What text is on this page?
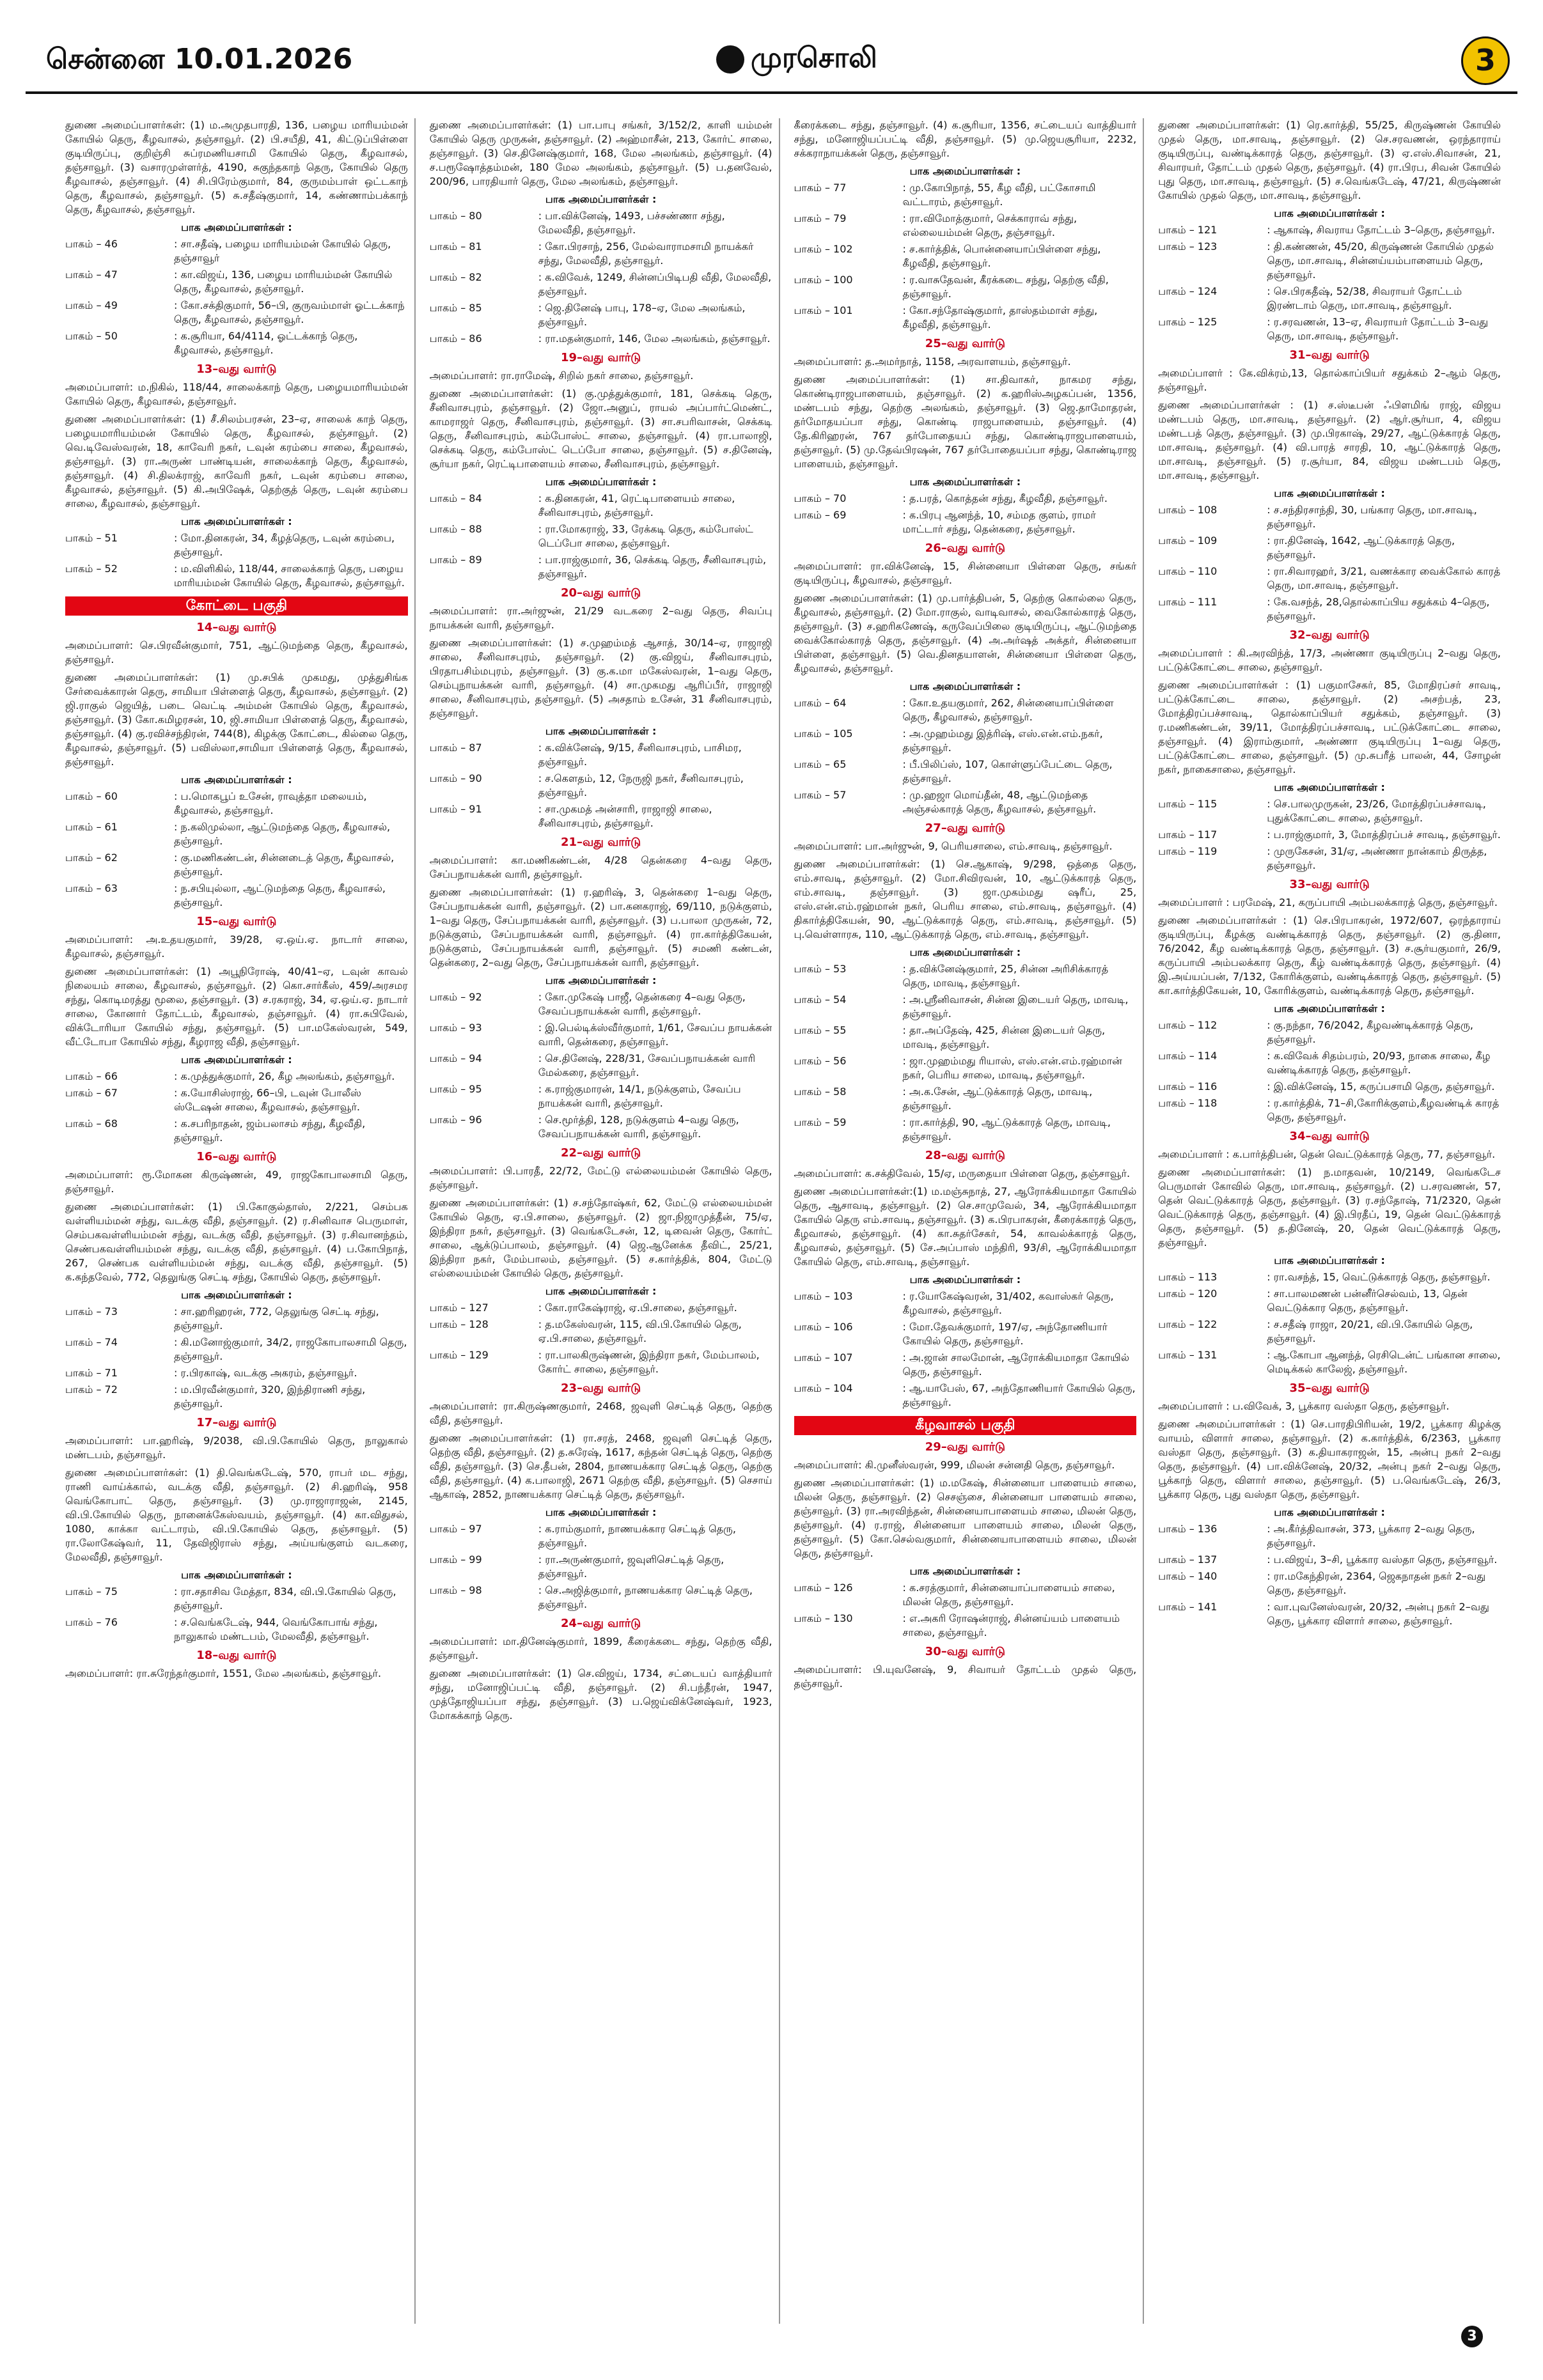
சென்னை 10.01.2026	முரசொலி	3

துணை அமைப்பாளர்கள்: (1) ம.அமுதபாரதி, 136, பழைய மாரியம்மன் கோயில் தெரு, கீழவாசல், தஞ்சாவூர். (2) பி.சயீதி, 41, கிட்டுப்பிள்ளை குடியிருப்பு, குறிஞ்சி சுப்ரமணியசாமி கோயில் தெரு, கீழவாசல், தஞ்சாவூர். (3) வசாரமுள்ளர்த், 4190, சுகுந்தகாந் தெரு, கோயில் தெரு கீழவாசல், தஞ்சாவூர். (4) சி.பிரேம்குமார், 84, குருமம்பாள் ஒட்டகாந் தெரு, கீழவாசல், தஞ்சாவூர். (5) சு.சதீஷ்குமார், 14, கண்ணாம்பக்காந் தெரு, கீழவாசல், தஞ்சாவூர்.

பாக அமைப்பாளர்கள் :
பாகம் – 46	: சா.சதீஷ், பழைய மாரியம்மன் கோயில் தெரு, தஞ்சாவூர்
பாகம் – 47	: கா.விஜய், 136, பழைய மாரியம்மன் கோயில் தெரு, கீழவாசல், தஞ்சாவூர்.
பாகம் – 49	: கோ.சக்திகுமார், 56–பி, குருவம்மாள் ஓட்டக்காந் தெரு, கீழவாசல், தஞ்சாவூர்.
பாகம் – 50	: க.சூரியா, 64/4114, ஓட்டக்காந் தெரு, கீழவாசல், தஞ்சாவூர்.
13–வது வார்டு

அமைப்பாளர்: ம.நிகில், 118/44, சாலைக்காந் தெரு, பழையமாரியம்மன் கோயில் தெரு, கீழவாசல், தஞ்சாவூர்.

துணை அமைப்பாளர்கள்: (1) சீ.சிலம்பரசன், 23–ஏ, சாலைக் காந் தெரு, பழையமாரியம்மன் கோயில் தெரு, கீழவாசல், தஞ்சாவூர். (2) வெ.டிவேஸ்வரன், 18, காவேரி நகர், டவுன் கரம்பை சாலை, கீழவாசல், தஞ்சாவூர். (3) ரா.அருண் பாண்டியன், சாலைக்காந் தெரு, கீழவாசல், தஞ்சாவூர். (4) சி.திலக்ராஜ், காவேரி நகர், டவுன் கரம்பை சாலை, கீழவாசல், தஞ்சாவூர். (5) கி.அபிஷேக், தெற்குத் தெரு, டவுன் கரம்பை சாலை, கீழவாசல், தஞ்சாவூர்.

பாக அமைப்பாளர்கள் :
பாகம் – 51	: மோ.தினகரன், 34, கீழத்தெரு, டவுன் கரம்பை, தஞ்சாவூர்.
பாகம் – 52	: ம.விளிகில், 118/44, சாலைக்காந் தெரு, பழைய மாரியம்மன் கோயில் தெரு, கீழவாசல், தஞ்சாவூர்.
கோட்டை பகுதி
14–வது வார்டு

அமைப்பாளர்: செ.பிரவீன்குமார், 751, ஆட்டுமந்தை தெரு, கீழவாசல், தஞ்சாவூர்.

துணை அமைப்பாளர்கள்: (1) மு.சபிக் முகமது, முத்துசிங்க சேர்வைக்காரன் தெரு, சாமியா பிள்ளைத் தெரு, கீழவாசல், தஞ்சாவூர். (2) ஜி.ராகுல் ஜெயித், படை வெட்டி அம்மன் கோயில் தெரு, கீழவாசல், தஞ்சாவூர். (3) கோ.கமிழரசன், 10, ஜி.சாமியா பிள்ளைத் தெரு, கீழவாசல், தஞ்சாவூர். (4) கு.ரவிச்சந்திரன், 744(8), கிழக்கு கோட்டை, கில்லை தெரு, கீழவாசல், தஞ்சாவூர். (5) பவிஸ்லா,சாமியா பிள்ளைத் தெரு, கீழவாசல், தஞ்சாவூர்.

பாக அமைப்பாளர்கள் :
பாகம் – 60	: ப.மொகபூப் உசேன், ராவுத்தா மலையம், கீழவாசல், தஞ்சாவூர்.
பாகம் – 61	: ந.கலிமுல்லா, ஆட்டுமந்தை தெரு, கீழவாசல், தஞ்சாவூர்.
பாகம் – 62	: கு.மணிகண்டன், சின்னடைத் தெரு, கீழவாசல், தஞ்சாவூர்.
பாகம் – 63	: ந.சபியுல்லா, ஆட்டுமந்தை தெரு, கீழவாசல், தஞ்சாவூர்.
15–வது வார்டு

அமைப்பாளர்: அ.உதயகுமார், 39/28, ஏ.ஒய்.ஏ. நாடார் சாலை, கீழவாசல், தஞ்சாவூர்.

துணை அமைப்பாளர்கள்: (1) அபூநிரோஷ், 40/41–ஏ, டவுன் காவல் நிலையம் சாலை, கீழவாசல், தஞ்சாவூர். (2) கொ.சார்கீஸ், 459/அரசமர சந்து, கொடிமரத்து மூலை, தஞ்சாவூர். (3) ச.ரகராஜ், 34, ஏ.ஒய்.ஏ. நாடார் சாலை, கோனார் தோட்டம், கீழவாசல், தஞ்சாவூர். (4) ரா.சுபிவேல், விக்டோரியா கோயில் சந்து, தஞ்சாவூர். (5) பா.மகேஸ்வரன், 549, வீட்டோபா கோயில் சந்து, கீழராஜ வீதி, தஞ்சாவூர்.

பாக அமைப்பாளர்கள் :
பாகம் – 66	: க.முத்துக்குமார், 26, கீழ அலங்கம், தஞ்சாவூர்.
பாகம் – 67	: க.யோசிஸ்ராஜ், 66–பி, டவுன் போலீஸ் ஸ்டேஷன் சாலை, கீழவாசல், தஞ்சாவூர்.
பாகம் – 68	: க.சபரிநாதன், ஜம்பலாசம் சந்து, கீழவீதி, தஞ்சாவூர்.
16–வது வார்டு

அமைப்பாளர்: ரூ.மோகன கிருஷ்ணன், 49, ராஜகோபாலசாமி தெரு, தஞ்சாவூர்.

துணை அமைப்பாளர்கள்: (1) பி.கோகுல்தாஸ், 2/221, செம்பக வள்ளியம்மன் சந்து, வடக்கு வீதி, தஞ்சாவூர். (2) ர.சினிவாச பெருமாள், செம்பகவள்ளியம்மன் சந்து, வடக்கு வீதி, தஞ்சாவூர். (3) ர.சிவானந்தம், செண்பகவள்ளியம்மன் சந்து, வடக்கு வீதி, தஞ்சாவூர். (4) ப.கோபிநாத், 267, செண்பக வள்ளியம்மன் சந்து, வடக்கு வீதி, தஞ்சாவூர். (5) க.கந்தவேல், 772, தெலுங்கு செட்டி சந்து, கோயில் தெரு, தஞ்சாவூர்.

பாக அமைப்பாளர்கள் :
பாகம் – 73	: சா.ஹரிஹரன், 772, தெலுங்கு செட்டி சந்து, தஞ்சாவூர்.
பாகம் – 74	: கி.மனோஜ்குமார், 34/2, ராஜகோபாலசாமி தெரு, தஞ்சாவூர்.
பாகம் – 71	: ர.பிரகாஷ், வடக்கு அகரம், தஞ்சாவூர்.
பாகம் – 72	: ம.பிரவீன்குமார், 320, இந்திராணி சந்து, தஞ்சாவூர்.
17–வது வார்டு

அமைப்பாளர்: பா.ஹரிஷ், 9/2038, வி.பி.கோயில் தெரு, நாலுகால் மண்டபம், தஞ்சாவூர்.

துணை அமைப்பாளர்கள்: (1) தி.வெங்கடேஷ், 570, ராபர் மட சந்து, ராணி வாய்க்கால், வடக்கு வீதி, தஞ்சாவூர். (2) சி.ஹரிஷ், 958 வெங்கோபாட் தெரு, தஞ்சாவூர். (3) மு.ராஜாராஜன், 2145, வி.பி.கோயில் தெரு, நானைக்கேஸ்வயம், தஞ்சாவூர். (4) கா.விதுசல், 1080, காக்கா வட்டாரம், வி.பி.கோயில் தெரு, தஞ்சாவூர். (5) ரா.லோகேஷ்வர், 11, தேவிஜிராஸ் சந்து, அய்யங்குளம் வடகரை, மேலவீதி, தஞ்சாவூர்.

பாக அமைப்பாளர்கள் :
பாகம் – 75	: ரா.சதாசிவ மேத்தா, 834, வி.பி.கோயில் தெரு, தஞ்சாவூர்.
பாகம் – 76	: ச.வெங்கடேஷ், 944, வெங்கோபாங் சந்து, நாலுகால் மண்டபம், மேலவீதி, தஞ்சாவூர்.
18–வது வார்டு

அமைப்பாளர்: ரா.சுரேந்தர்குமார், 1551, மேல அலங்கம், தஞ்சாவூர்.

துணை அமைப்பாளர்கள்: (1) பா.பாபு சங்கர், 3/152/2, காளி யம்மன் கோயில் தெரு முருகன், தஞ்சாவூர். (2) அஹ்மாசீன், 213, கோர்ட் சாலை, தஞ்சாவூர். (3) செ.தினேஷ்குமார், 168, மேல அலங்கம், தஞ்சாவூர். (4) ச.பரூஷோத்தம்மன், 180 மேல அலங்கம், தஞ்சாவூர். (5) ப.தனவேல், 200/96, பாரதியார் தெரு, மேல அலங்கம், தஞ்சாவூர்.

பாக அமைப்பாளர்கள் :
பாகம் – 80	: பா.விக்னேஷ், 1493, பச்சண்ணா சந்து, மேலவீதி, தஞ்சாவூர்.
பாகம் – 81	: கோ.பிரசாந், 256, மேல்வாராமசாமி நாயக்கர் சந்து, மேலவீதி, தஞ்சாவூர்.
பாகம் – 82	: க.விவேக், 1249, சின்னப்பிடிபதி வீதி, மேலவீதி, தஞ்சாவூர்.
பாகம் – 85	: ஜெ.தினேஷ் பாபு, 178–ஏ, மேல அலங்கம், தஞ்சாவூர்.
பாகம் – 86	: ரா.மதன்குமார், 146, மேல அலங்கம், தஞ்சாவூர்.
19–வது வார்டு

அமைப்பாளர்: ரா.ராமேஷ், சிறில் நகர் சாலை, தஞ்சாவூர்.

துணை அமைப்பாளர்கள்: (1) கு.முத்துக்குமார், 181, செக்கடி தெரு, சீனிவாசபுரம், தஞ்சாவூர். (2) ஜோ.அனுப், ராயல் அப்பார்ட்மெண்ட், காமராஜர் தெரு, சீனிவாசபுரம், தஞ்சாவூர். (3) சா.சபரிவாசன், செக்கடி தெரு, சீனிவாசபுரம், கம்போஸ்ட் சாலை, தஞ்சாவூர். (4) ரா.பாலாஜி, செக்கடி தெரு, கம்போஸ்ட் டெப்போ சாலை, தஞ்சாவூர். (5) ச.தினேஷ், சூர்யா நகர், ரெட்டிபாளையம் சாலை, சீனிவாசபுரம், தஞ்சாவூர்.

பாக அமைப்பாளர்கள் :
பாகம் – 84	: க.தினகரன், 41, ரெட்டிபாளையம் சாலை, சீனிவாசபுரம், தஞ்சாவூர்.
பாகம் – 88	: ரா.மோகராஜ், 33, ரேக்கடி தெரு, கம்போஸ்ட் டெப்போ சாலை, தஞ்சாவூர்.
பாகம் – 89	: பா.ராஜ்குமார், 36, செக்கடி தெரு, சீனிவாசபுரம், தஞ்சாவூர்.
20–வது வார்டு

அமைப்பாளர்: ரா.அர்ஜுன், 21/29 வடகரை 2–வது தெரு, சிவப்பு நாயக்கன் வாரி, தஞ்சாவூர்.

துணை அமைப்பாளர்கள்: (1) ச.முஹம்மத் ஆசாத், 30/14–ஏ, ராஜாஜி சாலை, சீனிவாசபுரம், தஞ்சாவூர். (2) கு.விஜய், சீனிவாசபுரம், பிரதாபசிம்மபுரம், தஞ்சாவூர். (3) கு.க.மா மகேஸ்வரன், 1–வது தெரு, செம்புநாயக்கன் வாரி, தஞ்சாவூர். (4) சா.முகமது ஆரிப்பீர், ராஜாஜி சாலை, சீனிவாசபுரம், தஞ்சாவூர். (5) அசதாம் உசேன், 31 சீனிவாசபுரம், தஞ்சாவூர்.

பாக அமைப்பாளர்கள் :
பாகம் – 87	: க.விக்னேஷ், 9/15, சீனிவாசபுரம், பாசிமர, தஞ்சாவூர்.
பாகம் – 90	: ச.கௌதம், 12, நேருஜி நகர், சீனிவாசபுரம், தஞ்சாவூர்.
பாகம் – 91	: சா.முகமத் அன்சாரி, ராஜாஜி சாலை, சீனிவாசபுரம், தஞ்சாவூர்.
21–வது வார்டு

அமைப்பாளர்: கா.மணிகண்டன், 4/28 தென்கரை 4–வது தெரு, சேப்பநாயக்கன் வாரி, தஞ்சாவூர்.

துணை அமைப்பாளர்கள்: (1) ர.ஹரிஷ், 3, தென்கரை 1–வது தெரு, சேப்பநாயக்கன் வாரி, தஞ்சாவூர். (2) பா.கனகராஜ், 69/110, நடுக்குளம், 1–வது தெரு, சேப்பநாயக்கன் வாரி, தஞ்சாவூர். (3) ப.பாலா முருகன், 72, நடுக்குளம், சேப்பநாயக்கன் வாரி, தஞ்சாவூர். (4) ரா.கார்த்திகேயன், நடுக்குளம், சேப்பநாயக்கன் வாரி, தஞ்சாவூர். (5) சமணி கண்டன், தென்கரை, 2–வது தெரு, சேப்பநாயக்கன் வாரி, தஞ்சாவூர்.

பாக அமைப்பாளர்கள் :
பாகம் – 92	: கோ.முகேஷ் பாஜீ, தென்கரை 4–வது தெரு, சேவப்பநாயக்கன் வாரி, தஞ்சாவூர்.
பாகம் – 93	: இ.பெல்டிக்ஸ்வீர்குமார், 1/61, சேவப்ப நாயக்கன் வாரி, தென்கரை, தஞ்சாவூர்.
பாகம் – 94	: செ.தினேஷ், 228/31, சேவப்பநாயக்கன் வாரி மேல்கரை, தஞ்சாவூர்.
பாகம் – 95	: க.ராஜ்குமாரன், 14/1, நடுக்குளம், சேவப்ப நாயக்கன் வாரி, தஞ்சாவூர்.
பாகம் – 96	: செ.மூர்த்தி, 128, நடுக்குளம் 4–வது தெரு, சேவப்பநாயக்கன் வாரி, தஞ்சாவூர்.
22–வது வார்டு

அமைப்பாளர்: பி.பாரதீ, 22/72, மேட்டு எல்லையம்மன் கோயில் தெரு, தஞ்சாவூர்.

துணை அமைப்பாளர்கள்: (1) ச.சந்தோஷ்கர், 62, மேட்டு எல்லையம்மன் கோயில் தெரு, ஏ.பி.சாலை, தஞ்சாவூர். (2) ஜா.நிஜாமுத்தீன், 75/ஏ, இந்திரா நகர், தஞ்சாவூர். (3) வெங்கடேசன், 12, டிவைன் தெரு, கோர்ட் சாலை, ஆக்டுப்பாலம், தஞ்சாவூர். (4) ஜெ.ஆனேக்க தீவிட், 25/21, இந்திரா நகர், மேம்பாலம், தஞ்சாவூர். (5) ச.கார்த்திக், 804, மேட்டு எல்லையம்மன் கோயில் தெரு, தஞ்சாவூர்.

பாக அமைப்பாளர்கள் :
பாகம் – 127	: கோ.ராகேஷ்ராஜ், ஏ.பி.சாலை, தஞ்சாவூர்.
பாகம் – 128	: த.மகேஸ்வரன், 115, வி.பி.கோயில் தெரு, ஏ.பி.சாலை, தஞ்சாவூர்.
பாகம் – 129	: ரா.பாலகிருஷ்ணன், இந்திரா நகர், மேம்பாலம், கோர்ட் சாலை, தஞ்சாவூர்.
23–வது வார்டு

அமைப்பாளர்: ரா.கிருஷ்ணகுமார், 2468, ஜவுளி செட்டித் தெரு, தெற்கு வீதி, தஞ்சாவூர்.

துணை அமைப்பாளர்கள்: (1) ரா.சரத், 2468, ஜவுளி செட்டித் தெரு, தெற்கு வீதி, தஞ்சாவூர். (2) த.சுரேஷ், 1617, கந்தன் செட்டித் தெரு, தெற்கு வீதி, தஞ்சாவூர். (3) செ.தீபன், 2804, நாணயக்கார செட்டித் தெரு, தெற்கு வீதி, தஞ்சாவூர். (4) க.பாலாஜி, 2671 தெற்கு வீதி, தஞ்சாவூர். (5) செசாய் ஆகாஷ், 2852, நாணயக்கார செட்டித் தெரு, தஞ்சாவூர்.

பாக அமைப்பாளர்கள் :
பாகம் – 97	: க.ராம்குமார், நாணயக்கார செட்டித் தெரு, தஞ்சாவூர்.
பாகம் – 99	: ரா.அருண்குமார், ஜவுளிசெட்டித் தெரு, தஞ்சாவூர்.
பாகம் – 98	: செ.அஜித்குமார், நாணயக்கார செட்டித் தெரு, தஞ்சாவூர்.
24–வது வார்டு

அமைப்பாளர்: மா.தினேஷ்குமார், 1899, கீரைக்கடை சந்து, தெற்கு வீதி, தஞ்சாவூர்.

துணை அமைப்பாளர்கள்: (1) செ.விஜய், 1734, சட்டையப் வாத்தியார் சந்து, மனோஜிப்பட்டி வீதி, தஞ்சாவூர். (2) சி.பந்தீரன், 1947, முத்தோஜியப்பா சந்து, தஞ்சாவூர். (3) ப.ஜெய்விக்னேஷ்வர், 1923, மோகக்காந் தெரு.

கீரைக்கடை சந்து, தஞ்சாவூர். (4) க.சூரியா, 1356, சட்டையப் வாத்தியார் சந்து, மனோஜியப்பட்டி வீதி, தஞ்சாவூர். (5) மு.ஜெயசூரியா, 2232, சக்கராநாயக்கன் தெரு, தஞ்சாவூர்.

பாக அமைப்பாளர்கள் :
பாகம் – 77	: மு.கோபிநாத், 55, கீழ வீதி, பட்கோசாமி வட்டாரம், தஞ்சாவூர்.
பாகம் – 79	: ரா.விமோத்குமார், செக்காராவ் சந்து, எல்லையம்மன் தெரு, தஞ்சாவூர்.
பாகம் – 102	: ச.கார்த்திக், பொன்னையாப்பிள்ளை சந்து, கீழவீதி, தஞ்சாவூர்.
பாகம் – 100	: ர.வாசுதேவன், கீரக்கடை சந்து, தெற்கு வீதி, தஞ்சாவூர்.
பாகம் – 101	: கோ.சந்தோஷ்குமார், தாஸ்தம்மாள் சந்து, கீழவீதி, தஞ்சாவூர்.
25–வது வார்டு

அமைப்பாளர்: த.அமர்நாத், 1158, அரவாளயம், தஞ்சாவூர்.

துணை அமைப்பாளர்கள்: (1) சா.திவாகர், நாகமர சந்து, கொண்டிராஜபாளையம், தஞ்சாவூர். (2) க.ஹரிஸ்அழகப்பன், 1356, மண்டபம் சந்து, தெற்கு அலங்கம், தஞ்சாவூர். (3) ஜெ.தாமோதரன், தர்மோதயப்பா சந்து, கொண்டி ராஜபாளையம், தஞ்சாவூர். (4) தே.கிரிஹரன், 767 தர்போதையப் சந்து, கொண்டிராஜபாளையம், தஞ்சாவூர். (5) மு.தேவ்பிரஷன், 767 தர்போதையப்பா சந்து, கொண்டிராஜ பாளையம், தஞ்சாவூர்.

பாக அமைப்பாளர்கள் :
பாகம் – 70	: த.பரத், கொத்தன் சந்து, கீழவீதி, தஞ்சாவூர்.
பாகம் – 69	: க.பிரபு ஆனந்த், 10, சம்மத குளம், ராமர் மாட்டார் சந்து, தென்கரை, தஞ்சாவூர்.
26–வது வார்டு

அமைப்பாளர்: ரா.விக்னேஷ், 15, சின்னையா பிள்ளை தெரு, சங்கர் குடியிருப்பு, கீழவாசல், தஞ்சாவூர்.

துணை அமைப்பாளர்கள்: (1) மு.பார்த்திபன், 5, தெற்கு கொல்லை தெரு, கீழவாசல், தஞ்சாவூர். (2) மோ.ராகுல், வாடிவாசல், வைகோல்காரத் தெரு, தஞ்சாவூர். (3) ச.ஹரிகணேஷ், கருவேப்பிலை குடியிருப்பு, ஆட்டுமந்தை வைக்கோல்காரத் தெரு, தஞ்சாவூர். (4) அ.அர்ஷத் அக்தர், சின்னையா பிள்ளை, தஞ்சாவூர். (5) வெ.தினதயாளன், சின்னையா பிள்ளை தெரு, கீழவாசல், தஞ்சாவூர்.

பாக அமைப்பாளர்கள் :
பாகம் – 64	: கோ.உதயகுமார், 262, சின்னையாப்பிள்ளை தெரு, கீழவாசல், தஞ்சாவூர்.
பாகம் – 105	: அ.முஹம்மது இத்ரிஷ், எஸ்.என்.எம்.நகர், தஞ்சாவூர்.
பாகம் – 65	: பீ.பிலிப்ஸ், 107, கொள்ளுப்பேட்டை தெரு, தஞ்சாவூர்.
பாகம் – 57	: மு.ஹஜா மொய்தீன், 48, ஆட்டுமந்தை அஞ்சல்காரத் தெரு, கீழவாசல், தஞ்சாவூர்.
27–வது வார்டு

அமைப்பாளர்: பா.அர்ஜுன், 9, பெரியசாலை, எம்.சாவடி, தஞ்சாவூர்.

துணை அமைப்பாளர்கள்: (1) செ.ஆகாஷ், 9/298, ஒத்தை தெரு, எம்.சாவடி, தஞ்சாவூர். (2) மோ.சிவிரவன், 10, ஆட்டுக்காரத் தெரு, எம்.சாவடி, தஞ்சாவூர். (3) ஜா.முகம்மது ஷரீப், 25, எஸ்.என்.எம்.ரஹ்மான் நகர், பெரிய சாலை, எம்.சாவடி, தஞ்சாவூர். (4) திகார்த்திகேயன், 90, ஆட்டுக்காரத் தெரு, எம்.சாவடி, தஞ்சாவூர். (5) பு.வெள்ளாரசு, 110, ஆட்டுக்காரத் தெரு, எம்.சாவடி, தஞ்சாவூர்.

பாக அமைப்பாளர்கள் :
பாகம் – 53	: த.விக்னேஷ்குமார், 25, சின்ன அரிசிக்காரத் தெரு, மாவடி, தஞ்சாவூர்.
பாகம் – 54	: அ.ஸ்ரீனிவாசன், சின்ன இடையர் தெரு, மாவடி, தஞ்சாவூர்.
பாகம் – 55	: தா.அப்தேஷ், 425, சின்ன இடையர் தெரு, மாவடி, தஞ்சாவூர்.
பாகம் – 56	: ஜா.முஹம்மது ரியாஸ், எஸ்.என்.எம்.ரஹ்மான் நகர், பெரிய சாலை, மாவடி, தஞ்சாவூர்.
பாகம் – 58	: அ.க.சேன், ஆட்டுக்காரத் தெரு, மாவடி, தஞ்சாவூர்.
பாகம் – 59	: ரா.கார்த்தி, 90, ஆட்டுக்காரத் தெரு, மாவடி, தஞ்சாவூர்.
28–வது வார்டு

அமைப்பாளர்: க.சக்திவேல், 15/ஏ, மருதையா பிள்ளை தெரு, தஞ்சாவூர்.

துணை அமைப்பாளர்கள்:(1) ம.மஞ்சுநாத், 27, ஆரோக்கியமாதா கோயில் தெரு, ஆசாவடி, தஞ்சாவூர். (2) செ.சாமுவேல், 34, ஆரோக்கியமாதா கோயில் தெரு எம்.சாவடி, தஞ்சாவூர். (3) க.பிரபாகரன், கீரைக்காரத் தெரு, கீழவாசல், தஞ்சாவூர். (4) கா.சுதர்சேகர், 54, காவல்க்காரத் தெரு, கீழவாசல், தஞ்சாவூர். (5) சே.அப்பாஸ் மந்திரி, 93/சி, ஆரோக்கியமாதா கோயில் தெரு, எம்.சாவடி, தஞ்சாவூர்.

பாக அமைப்பாளர்கள் :
பாகம் – 103	: ர.யோகேஷ்வரன், 31/402, கவாஸ்கர் தெரு, கீழவாசல், தஞ்சாவூர்.
பாகம் – 106	: மோ.தேவக்குமார், 197/ஏ, அந்தோணியார் கோயில் தெரு, தஞ்சாவூர்.
பாகம் – 107	: அ.ஜான் சாலமோன், ஆரோக்கியமாதா கோயில் தெரு, தஞ்சாவூர்.
பாகம் – 104	: ஆ.யாபேஸ், 67, அந்தோணியார் கோயில் தெரு, தஞ்சாவூர்.
கீழவாசல் பகுதி
29–வது வார்டு

அமைப்பாளர்: கி.முனீஸ்வரன், 999, மிலன் சன்னதி தெரு, தஞ்சாவூர்.

துணை அமைப்பாளர்கள்: (1) ம.மகேஷ், சின்னையா பாளையம் சாலை, மிலன் தெரு, தஞ்சாவூர். (2) செசஞ்சை, சின்னையா பாளையம் சாலை, தஞ்சாவூர். (3) ரா.அரவிந்தன், சின்னையாபாளையம் சாலை, மிலன் தெரு, தஞ்சாவூர். (4) ர.ராஜ், சின்னையா பாளையம் சாலை, மிலன் தெரு, தஞ்சாவூர். (5) கோ.செல்வகுமார், சின்னையாபாளையம் சாலை, மிலன் தெரு, தஞ்சாவூர்.

பாக அமைப்பாளர்கள் :
பாகம் – 126	: க.சரத்குமார், சின்னையாப்பாளையம் சாலை, மிலன் தெரு, தஞ்சாவூர்.
பாகம் – 130	: எ.அகரி ரோஷன்ராஜ், சின்னய்யம் பாளையம் சாலை, தஞ்சாவூர்.
30–வது வார்டு

அமைப்பாளர்: பி.யுவனேஷ், 9, சிவாயர் தோட்டம் முதல் தெரு, தஞ்சாவூர்.

துணை அமைப்பாளர்கள்: (1) ரெ.கார்த்தி, 55/25, கிருஷ்ணன் கோயில் முதல் தெரு, மா.சாவடி, தஞ்சாவூர். (2) செ.சரவணன், ஒரந்தாராய் குடியிருப்பு, வண்டிக்காரத் தெரு, தஞ்சாவூர். (3) ஏ.எஸ்.சிவாசன், 21, சிவாரயர், தோட்டம் முதல் தெரு, தஞ்சாவூர். (4) ரா.பிரப, சிவன் கோயில் புது தெரு, மா.சாவடி, தஞ்சாவூர். (5) ச.வெங்கடேஷ், 47/21, கிருஷ்ணன் கோயில் முதல் தெரு, மா.சாவடி, தஞ்சாவூர்.

பாக அமைப்பாளர்கள் :
பாகம் – 121	: ஆகாஷ், சிவராய தோட்டம் 3–தெரு, தஞ்சாவூர்.
பாகம் – 123	: தி.கண்ணன், 45/20, கிருஷ்ணன் கோயில் முதல் தெரு, மா.சாவடி, சின்னய்யம்பாளையம் தெரு, தஞ்சாவூர்.
பாகம் – 124	: செ.பிரகதீஷ், 52/38, சிவராயர் தோட்டம் இரண்டாம் தெரு, மா.சாவடி, தஞ்சாவூர்.
பாகம் – 125	: ர.சரவணன், 13–ஏ, சிவராயர் தோட்டம் 3–வது தெரு, மா.சாவடி, தஞ்சாவூர்.
31–வது வார்டு

அமைப்பாளர் : கே.விக்ரம்,13, தொல்காப்பியர் சதுக்கம் 2–ஆம் தெரு, தஞ்சாவூர்.

துணை அமைப்பாளர்கள் : (1) ச.ஸ்டீபன் ஃபிளமிங் ராஜ், விஜய மண்டபம் தெரு, மா.சாவடி, தஞ்சாவூர். (2) ஆர்.சூர்யா, 4, விஜய மண்டபத் தெரு, தஞ்சாவூர். (3) மு.பிரகாஷ், 29/27, ஆட்டுக்காரத் தெரு, மா.சாவடி, தஞ்சாவூர். (4) வி.பாரத் சாரதி, 10, ஆட்டுக்காரத் தெரு, மா.சாவடி, தஞ்சாவூர். (5) ர.சூர்யா, 84, விஜய மண்டபம் தெரு, மா.சாவடி, தஞ்சாவூர்.

பாக அமைப்பாளர்கள் :
பாகம் – 108	: ச.சந்திரசாந்தி, 30, பங்கார தெரு, மா.சாவடி, தஞ்சாவூர்.
பாகம் – 109	: ரா.தினேஷ், 1642, ஆட்டுக்காரத் தெரு, தஞ்சாவூர்.
பாகம் – 110	: ரா.சிவாரஹர், 3/21, வணக்கார வைக்கோல் காரத் தெரு, மா.சாவடி, தஞ்சாவூர்.
பாகம் – 111	: கே.வசந்த், 28,தொல்காப்பிய சதுக்கம் 4–தெரு, தஞ்சாவூர்.
32–வது வார்டு

அமைப்பாளர் : கி.அரவிந்த், 17/3, அண்ணா குடியிருப்பு 2–வது தெரு, பட்டுக்கோட்டை சாலை, தஞ்சாவூர்.

துணை அமைப்பாளர்கள் : (1) பகுமாசேகர், 85, மோதிரப்சர் சாவடி, பட்டுக்கோட்டை சாலை, தஞ்சாவூர். (2) அசற்பத், 23, மோத்திரப்பச்சாவடி, தொல்காப்பியர் சதுக்கம், தஞ்சாவூர். (3) ர.மணிகண்டன், 39/11, மோத்திரப்பச்சாவடி, பட்டுக்கோட்டை சாலை, தஞ்சாவூர். (4) இராம்குமார், அண்ணா குடியிருப்பு 1–வது தெரு, பட்டுக்கோட்டை சாலை, தஞ்சாவூர். (5) மு.சுபரீத் பாலன், 44, சோழன் நகர், நாகைசாலை, தஞ்சாவூர்.

பாக அமைப்பாளர்கள் :
பாகம் – 115	: செ.பாலமுருகன், 23/26, மோத்திரப்பச்சாவடி, புதுக்கோட்டை சாலை, தஞ்சாவூர்.
பாகம் – 117	: ப.ராஜ்குமார், 3, மோத்திரப்பச் சாவடி, தஞ்சாவூர்.
பாகம் – 119	: முருகேசன், 31/ஏ, அண்ணா நான்காம் திருத்த, தஞ்சாவூர்.
33–வது வார்டு

அமைப்பாளர் : பரமேஷ், 21, கருப்பாயி அம்பலக்காரத் தெரு, தஞ்சாவூர்.

துணை அமைப்பாளர்கள் : (1) செ.பிரபாகரன், 1972/607, ஒரந்தாராய் குடியிருப்பு, கீழக்கு வண்டிக்காரத் தெரு, தஞ்சாவூர். (2) கு.தினா, 76/2042, கீழ வண்டிக்காரத் தெரு, தஞ்சாவூர். (3) ச.சூர்யகுமார், 26/9, கருப்பாயி அம்பலக்கார தெரு, கீழ் வண்டிக்காரத் தெரு, தஞ்சாவூர். (4) இ.அய்யப்பன், 7/132, கோரிக்குளம், வண்டிக்காரத் தெரு, தஞ்சாவூர். (5) கா.கார்த்திகேயன், 10, கோரிக்குளம், வண்டிக்காரத் தெரு, தஞ்சாவூர்.

பாக அமைப்பாளர்கள் :
பாகம் – 112	: கு.நந்தா, 76/2042, கீழவண்டிக்காரத் தெரு, தஞ்சாவூர்.
பாகம் – 114	: க.விவேக் சிதம்பரம், 20/93, நாகை சாலை, கீழ வண்டிக்காரத் தெரு, தஞ்சாவூர்.
பாகம் – 116	: இ.விக்னேஷ், 15, கருப்பசாமி தெரு, தஞ்சாவூர்.
பாகம் – 118	: ர.கார்த்திக், 71–சி,கோரிக்குளம்,கீழவண்டிக் காரத் தெரு, தஞ்சாவூர்.
34–வது வார்டு

அமைப்பாளர் : க.பார்த்திபன், தென் வெட்டுக்காரத் தெரு, 77, தஞ்சாவூர்.

துணை அமைப்பாளர்கள்: (1) ந.மாதவன், 10/2149, வெங்கடேச பெருமாள் கோவில் தெரு, மா.சாவடி, தஞ்சாவூர். (2) ப.சரவணன், 57, தென் வெட்டுக்காரத் தெரு, தஞ்சாவூர். (3) ர.சந்தோஷ், 71/2320, தென் வெட்டுக்காரத் தெரு, தஞ்சாவூர். (4) இ.பிரதீப், 19, தென் வெட்டுக்காரத் தெரு, தஞ்சாவூர். (5) த.தினேஷ், 20, தென் வெட்டுக்காரத் தெரு, தஞ்சாவூர்.

பாக அமைப்பாளர்கள் :
பாகம் – 113	: ரா.வசந்த், 15, வெட்டுக்காரத் தெரு, தஞ்சாவூர்.
பாகம் – 120	: சா.பாலமணன் பன்னீர்செல்வம், 13, தென் வெட்டுக்கார தெரு, தஞ்சாவூர்.
பாகம் – 122	: ச.சதீஷ் ராஜா, 20/21, வி.பி.கோயில் தெரு, தஞ்சாவூர்.
பாகம் – 131	: ஆ.கோபா ஆனந்த், ரெசிடென்ட் பங்கான சாலை, மெடிக்கல் காலேஜ், தஞ்சாவூர்.
35–வது வார்டு

அமைப்பாளர் : ப.விவேக், 3, பூக்கார வஸ்தா தெரு, தஞ்சாவூர்.

துணை அமைப்பாளர்கள் : (1) செ.பாரதிபிரியன், 19/2, பூக்கார கிழக்கு வாயம், விளார் சாலை, தஞ்சாவூர். (2) க.கார்த்திக், 6/2363, பூக்கார வஸ்தா தெரு, தஞ்சாவூர். (3) க.தியாகராஜன், 15, அன்பு நகர் 2–வது தெரு, தஞ்சாவூர். (4) பா.விக்னேஷ், 20/32, அன்பு நகர் 2–வது தெரு, பூக்காந் தெரு, விளார் சாலை, தஞ்சாவூர். (5) ப.வெங்கடேஷ், 26/3, பூக்கார தெரு, புது வஸ்தா தெரு, தஞ்சாவூர்.

பாக அமைப்பாளர்கள் :
பாகம் – 136	: அ.கீர்த்திவாசன், 373, பூக்கார 2–வது தெரு, தஞ்சாவூர்.
பாகம் – 137	: ப.விஜய், 3–சி, பூக்கார வஸ்தா தெரு, தஞ்சாவூர்.
பாகம் – 140	: ரா.மகேந்திரன், 2364, ஜெகநாதன் நகர் 2–வது தெரு, தஞ்சாவூர்.
பாகம் – 141	: வா.புவனேஸ்வரன், 20/32, அன்பு நகர் 2–வது தெரு, பூக்கார விளார் சாலை, தஞ்சாவூர்.
3
